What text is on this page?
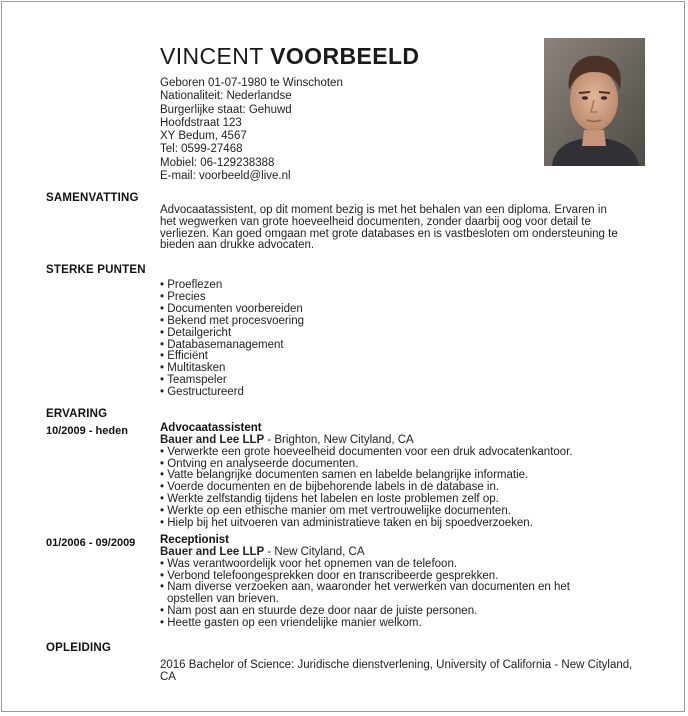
VINCENT VOORBEELD
Geboren 01-07-1980 te Winschoten
Nationaliteit: Nederlandse
Burgerlijke staat: Gehuwd
Hoofdstraat 123
XY Bedum, 4567
Tel: 0599-27468
Mobiel: 06-129238388
E-mail: voorbeeld@live.nl
SAMENVATTING
Advocaatassistent, op dit moment bezig is met het behalen van een diploma. Ervaren in
het wegwerken van grote hoeveelheid documenten, zonder daarbij oog voor detail te
verliezen. Kan goed omgaan met grote databases en is vastbesloten om ondersteuning te
bieden aan drukke advocaten.
STERKE PUNTEN
• Proeflezen
• Precies
• Documenten voorbereiden
• Bekend met procesvoering
• Detailgericht
• Databasemanagement
• Efficiënt
• Multitasken
• Teamspeler
• Gestructureerd
ERVARING
10/2009 - heden	Advocaatassistent
Bauer and Lee LLP - Brighton, New Cityland, CA
• Verwerkte een grote hoeveelheid documenten voor een druk advocatenkantoor.
• Ontving en analyseerde documenten.
• Vatte belangrijke documenten samen en labelde belangrijke informatie.
• Voerde documenten en de bijbehorende labels in de database in.
• Werkte zelfstandig tijdens het labelen en loste problemen zelf op.
• Werkte op een ethische manier om met vertrouwelijke documenten.
• Hielp bij het uitvoeren van administratieve taken en bij spoedverzoeken.
01/2006 - 09/2009 Receptionist
Bauer and Lee LLP - New Cityland, CA
• Was verantwoordelijk voor het opnemen van de telefoon.
• Verbond telefoongesprekken door en transcribeerde gesprekken.
• Nam diverse verzoeken aan, waaronder het verwerken van documenten en het opstellen van brieven.
• Nam post aan en stuurde deze door naar de juiste personen.
• Heette gasten op een vriendelijke manier welkom.
OPLEIDING
2016 Bachelor of Science: Juridische dienstverlening, University of California - New Cityland,
CA
